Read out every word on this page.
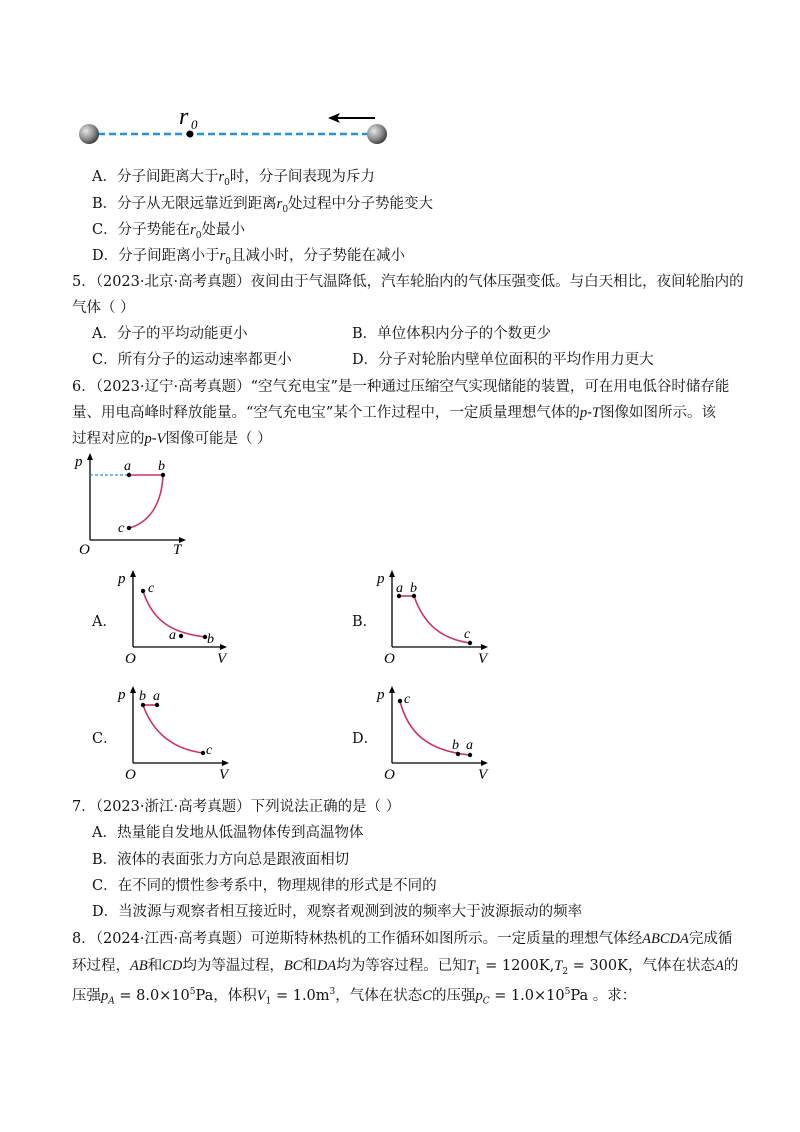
r 0
A．分子间距离大于$r_0$时，分子间表现为斥力
B．分子从无限远靠近到距离$r_0$处过程中分子势能变大
C．分子势能在$r_0$处最小
D．分子间距离小于$r_0$且减小时，分子势能在减小
5．（2023·北京·高考真题）夜间由于气温降低，汽车轮胎内的气体压强变低。与白天相比，夜间轮胎内的
气体（ ）
A．分子的平均动能更小	B．单位体积内分子的个数更少
C．所有分子的运动速率都更小	D．分子对轮胎内壁单位面积的平均作用力更大
6．（2023·辽宁·高考真题）“空气充电宝”是一种通过压缩空气实现储能的装置，可在用电低谷时储存能
量、用电高峰时释放能量。“空气充电宝”某个工作过程中，一定质量理想气体的p-T图像如图所示。该
过程对应的p-V图像可能是（ ）
p
T
O
a b
c
A．
p
V
O
c
a b
B．
p
V
O
a b
c
C．
p
V
O
b a
c
D．
p
V
O
c
b a
7．（2023·浙江·高考真题）下列说法正确的是（ ）
A．热量能自发地从低温物体传到高温物体
B．液体的表面张力方向总是跟液面相切
C．在不同的惯性参考系中，物理规律的形式是不同的
D．当波源与观察者相互接近时，观察者观测到波的频率大于波源振动的频率
8．（2024·江西·高考真题）可逆斯特林热机的工作循环如图所示。一定质量的理想气体经ABCDA完成循
环过程，AB和CD均为等温过程，BC和DA均为等容过程。已知$T_1 = 1200K,T_2 = 300K$，气体在状态A的
压强$p_A = 8.0\times 10^5Pa$，体积$V_1 = 1.0m^3$，气体在状态C的压强$p_C = 1.0\times 10^5Pa$ 。求：
